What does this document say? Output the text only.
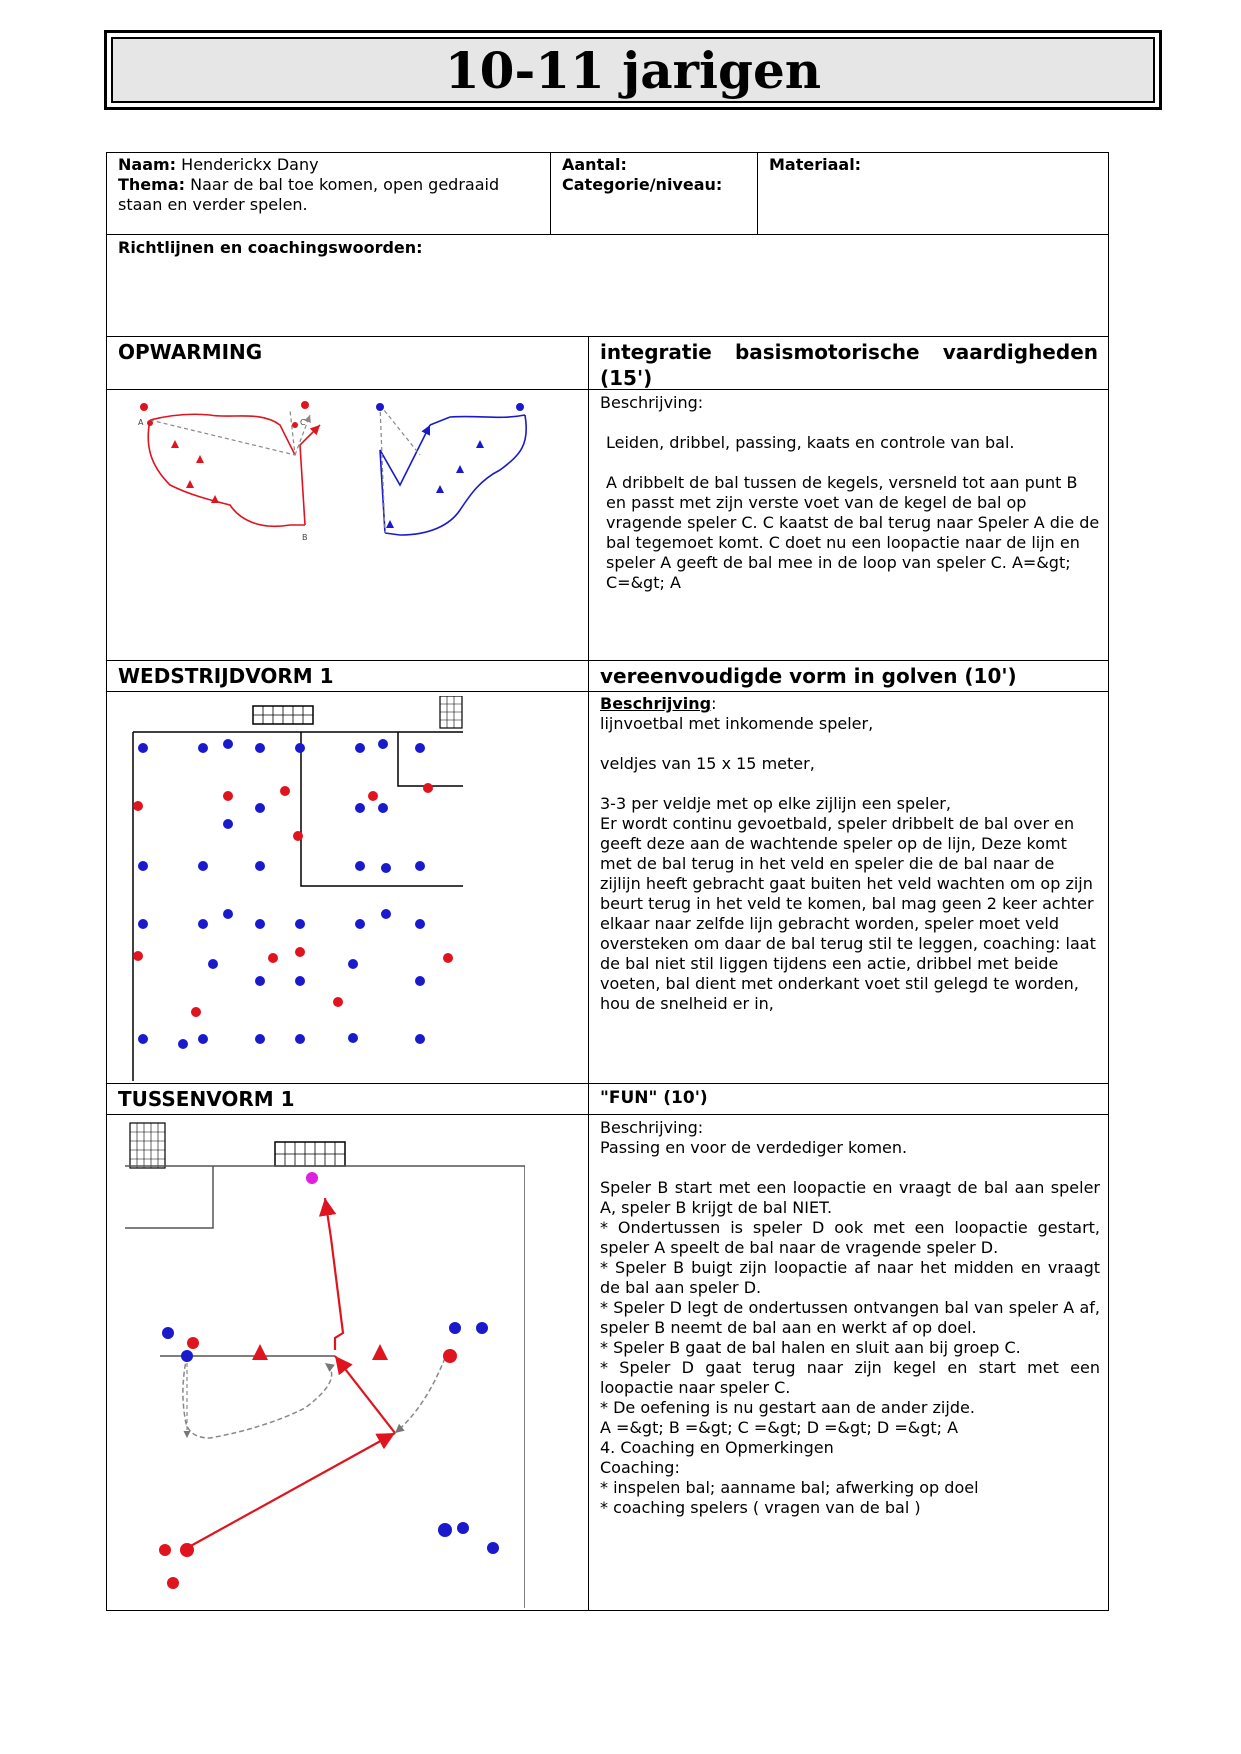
10-11 jarigen
Naam: Henderickx Dany
Thema: Naar de bal toe komen, open gedraaid staan en verder spelen.
Aantal:
Categorie/niveau:
Materiaal:
Richtlijnen en coachingswoorden:
OPWARMING	integratie basismotorische vaardigheden (15')
Beschrijving:
Leiden, dribbel, passing, kaats en controle van bal.
A dribbelt de bal tussen de kegels, versneld tot aan punt B en passt met zijn verste voet van de kegel de bal op vragende speler C. C kaatst de bal terug naar Speler A die de bal tegemoet komt. C doet nu een loopactie naar de lijn en speler A geeft de bal mee in de loop van speler C. A=&gt; C=&gt; A
A
B
C
WEDSTRIJDVORM 1	vereenvoudigde vorm in golven (10')
Beschrijving:
lijnvoetbal met inkomende speler,
veldjes van 15 x 15 meter,
3-3 per veldje met op elke zijlijn een speler,
Er wordt continu gevoetbald, speler dribbelt de bal over en geeft deze aan de wachtende speler op de lijn, Deze komt met de bal terug in het veld en speler die de bal naar de zijlijn heeft gebracht gaat buiten het veld wachten om op zijn beurt terug in het veld te komen, bal mag geen 2 keer achter elkaar naar zelfde lijn gebracht worden, speler moet veld oversteken om daar de bal terug stil te leggen, coaching: laat de bal niet stil liggen tijdens een actie, dribbel met beide voeten, bal dient met onderkant voet stil gelegd te worden, hou de snelheid er in,
TUSSENVORM 1	"FUN" (10')
Beschrijving:
Passing en voor de verdediger komen.

Speler B start met een loopactie en vraagt de bal aan speler A, speler B krijgt de bal NIET.
* Ondertussen is speler D ook met een loopactie gestart, speler A speelt de bal naar de vragende speler D.
* Speler B buigt zijn loopactie af naar het midden en vraagt de bal aan speler D.
* Speler D legt de ondertussen ontvangen bal van speler A af, speler B neemt de bal aan en werkt af op doel.
* Speler B gaat de bal halen en sluit aan bij groep C.
* Speler D gaat terug naar zijn kegel en start met een loopactie naar speler C.
* De oefening is nu gestart aan de ander zijde.
A =&gt; B =&gt; C =&gt; D =&gt; D =&gt; A
4. Coaching en Opmerkingen
Coaching:
* inspelen bal; aanname bal; afwerking op doel
* coaching spelers ( vragen van de bal )
